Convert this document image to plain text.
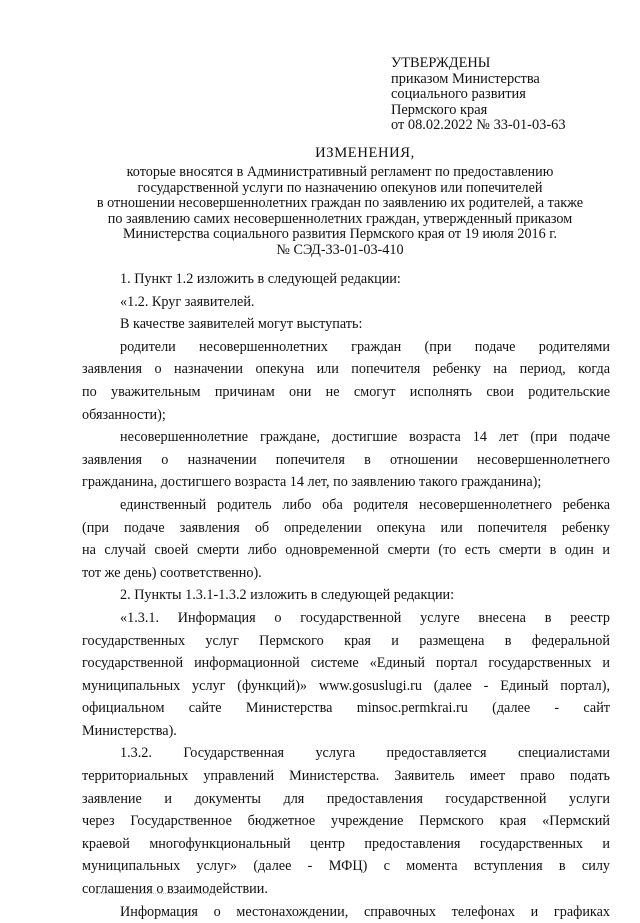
УТВЕРЖДЕНЫ
приказом Министерства
социального развития
Пермского края
от 08.02.2022 № 33-01-03-63
ИЗМЕНЕНИЯ,
которые вносятся в Административный регламент по предоставлению
государственной услуги по назначению опекунов или попечителей
в отношении несовершеннолетних граждан по заявлению их родителей, а также
по заявлению самих несовершеннолетних граждан, утвержденный приказом
Министерства социального развития Пермского края от 19 июля 2016 г.
№ СЭД-33-01-03-410
1. Пункт 1.2 изложить в следующей редакции:
«1.2. Круг заявителей.
В качестве заявителей могут выступать:
родители несовершеннолетних граждан (при подаче родителями
заявления о назначении опекуна или попечителя ребенку на период, когда
по уважительным причинам они не смогут исполнять свои родительские
обязанности);
несовершеннолетние граждане, достигшие возраста 14 лет (при подаче
заявления о назначении попечителя в отношении несовершеннолетнего
гражданина, достигшего возраста 14 лет, по заявлению такого гражданина);
единственный родитель либо оба родителя несовершеннолетнего ребенка
(при подаче заявления об определении опекуна или попечителя ребенку
на случай своей смерти либо одновременной смерти (то есть смерти в один и
тот же день) соответственно).
2. Пункты 1.3.1-1.3.2 изложить в следующей редакции:
«1.3.1. Информация о государственной услуге внесена в реестр
государственных услуг Пермского края и размещена в федеральной
государственной информационной системе «Единый портал государственных и
муниципальных услуг (функций)» www.gosuslugi.ru (далее - Единый портал),
официальном сайте Министерства minsoc.permkrai.ru (далее - сайт
Министерства).
1.3.2. Государственная услуга предоставляется специалистами
территориальных управлений Министерства. Заявитель имеет право подать
заявление и документы для предоставления государственной услуги
через Государственное бюджетное учреждение Пермского края «Пермский
краевой многофункциональный центр предоставления государственных и
муниципальных услуг» (далее - МФЦ) с момента вступления в силу
соглашения о взаимодействии.
Информация о местонахождении, справочных телефонах и графиках
